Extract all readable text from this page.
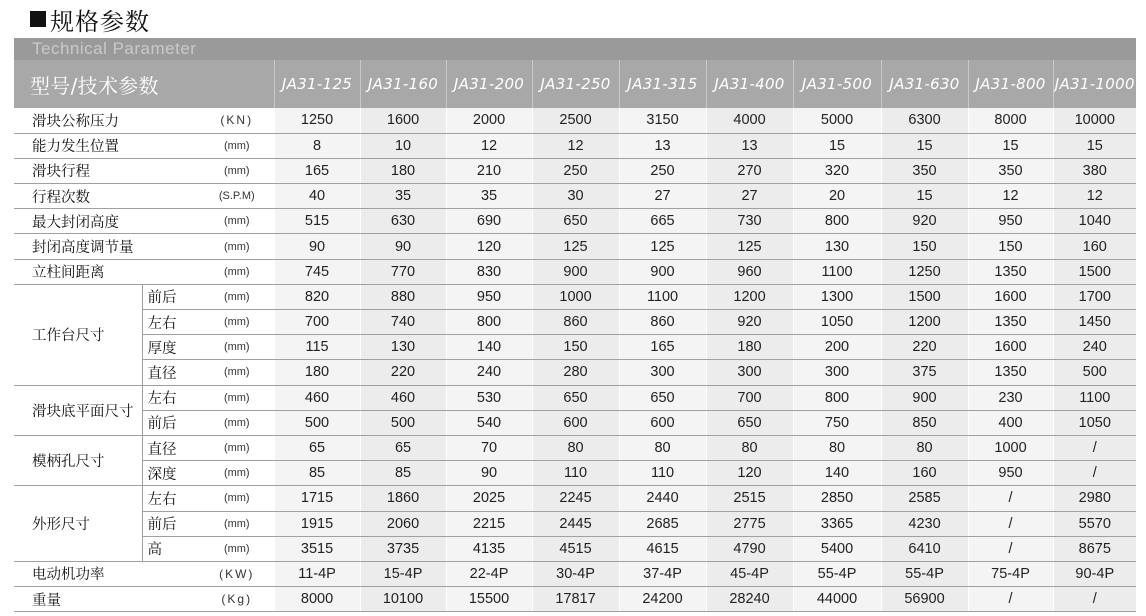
规格参数
Technical Parameter
型号/技术参数			JA31-125	JA31-160	JA31-200	JA31-250	JA31-315	JA31-400	JA31-500	JA31-630	JA31-800	JA31-1000
滑块公称压力		(KN)	1250	1600	2000	2500	3150	4000	5000	6300	8000	10000
能力发生位置		(mm)	8	10	12	12	13	13	15	15	15	15
滑块行程		(mm)	165	180	210	250	250	270	320	350	350	380
行程次数		(S.P.M)	40	35	35	30	27	27	20	15	12	12
最大封闭高度		(mm)	515	630	690	650	665	730	800	920	950	1040
封闭高度调节量		(mm)	90	90	120	125	125	125	130	150	150	160
立柱间距离		(mm)	745	770	830	900	900	960	1100	1250	1350	1500
工作台尺寸	前后	(mm)	820	880	950	1000	1100	1200	1300	1500	1600	1700
	左右	(mm)	700	740	800	860	860	920	1050	1200	1350	1450
	厚度	(mm)	115	130	140	150	165	180	200	220	1600	240
	直径	(mm)	180	220	240	280	300	300	300	375	1350	500
滑块底平面尺寸	左右	(mm)	460	460	530	650	650	700	800	900	230	1100
	前后	(mm)	500	500	540	600	600	650	750	850	400	1050
模柄孔尺寸	直径	(mm)	65	65	70	80	80	80	80	80	1000	/
	深度	(mm)	85	85	90	110	110	120	140	160	950	/
外形尺寸	左右	(mm)	1715	1860	2025	2245	2440	2515	2850	2585	/	2980
	前后	(mm)	1915	2060	2215	2445	2685	2775	3365	4230	/	5570
	高	(mm)	3515	3735	4135	4515	4615	4790	5400	6410	/	8675
电动机功率		(KW)	11-4P	15-4P	22-4P	30-4P	37-4P	45-4P	55-4P	55-4P	75-4P	90-4P
重量		(Kg)	8000	10100	15500	17817	24200	28240	44000	56900	/	/
